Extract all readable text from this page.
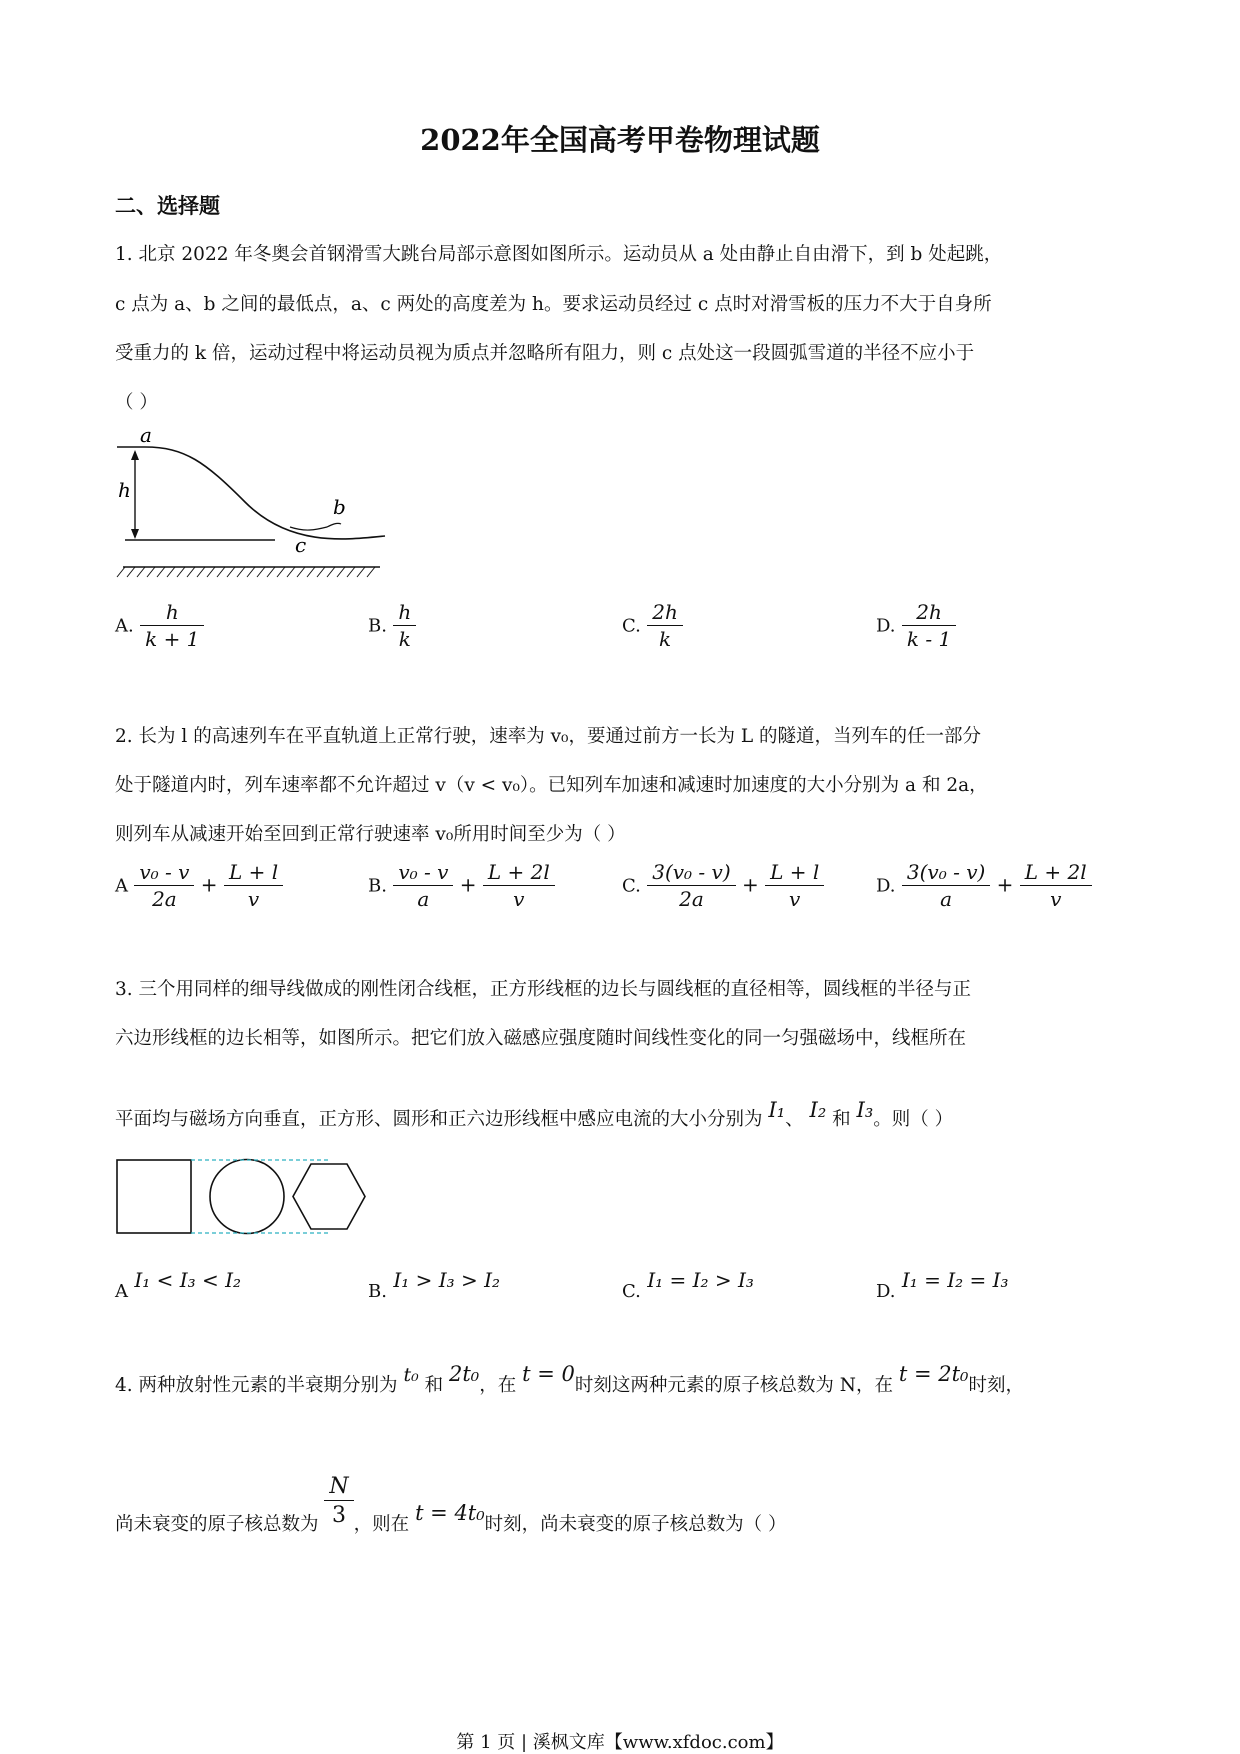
2022年全国高考甲卷物理试题
二、选择题
1. 北京 2022 年冬奥会首钢滑雪大跳台局部示意图如图所示。运动员从 a 处由静止自由滑下，到 b 处起跳，
c 点为 a、b 之间的最低点，a、c 两处的高度差为 h。要求运动员经过 c 点时对滑雪板的压力不大于自身所
受重力的 k 倍，运动过程中将运动员视为质点并忽略所有阻力，则 c 点处这一段圆弧雪道的半径不应小于
（ ）
a
h
b
c
A. $\frac{h}{k + 1}$	B. $\frac{h}{k}$	C. $\frac{2h}{k}$	D. $\frac{2h}{k - 1}$
2. 长为 l 的高速列车在平直轨道上正常行驶，速率为 v₀，要通过前方一长为 L 的隧道，当列车的任一部分
处于隧道内时，列车速率都不允许超过 v（v < v₀）。已知列车加速和减速时加速度的大小分别为 a 和 2a，
则列车从减速开始至回到正常行驶速率 v₀所用时间至少为（ ）
A $\frac{\text{v₀ - v}}{2a} + \frac{L + l}{v}$	B. $\frac{\text{v₀ - v}}{a} + \frac{L + 2l}{v}$	C. $\frac{\text{3(v₀ - v)}}{2a} + \frac{L + l}{v}$	D. $\frac{\text{3(v₀ - v)}}{a} + \frac{L + 2l}{v}$
3. 三个用同样的细导线做成的刚性闭合线框，正方形线框的边长与圆线框的直径相等，圆线框的半径与正
六边形线框的边长相等，如图所示。把它们放入磁感应强度随时间线性变化的同一匀强磁场中，线框所在
平面均与磁场方向垂直，正方形、圆形和正六边形线框中感应电流的大小分别为 I₁、 I₂ 和 I₃。则（ ）
A I₁ < I₃ < I₂	B. I₁ > I₃ > I₂	C. I₁ = I₂ > I₃	D. I₁ = I₂ = I₃
4. 两种放射性元素的半衰期分别为 t₀ 和 2t₀，在 t = 0时刻这两种元素的原子核总数为 N，在 t = 2t₀时刻，
尚未衰变的原子核总数为 $\frac{N}{3}$ ，则在 t = 4t₀时刻，尚未衰变的原子核总数为（ ）
第 1 页 | 溪枫文库【www.xfdoc.com】
